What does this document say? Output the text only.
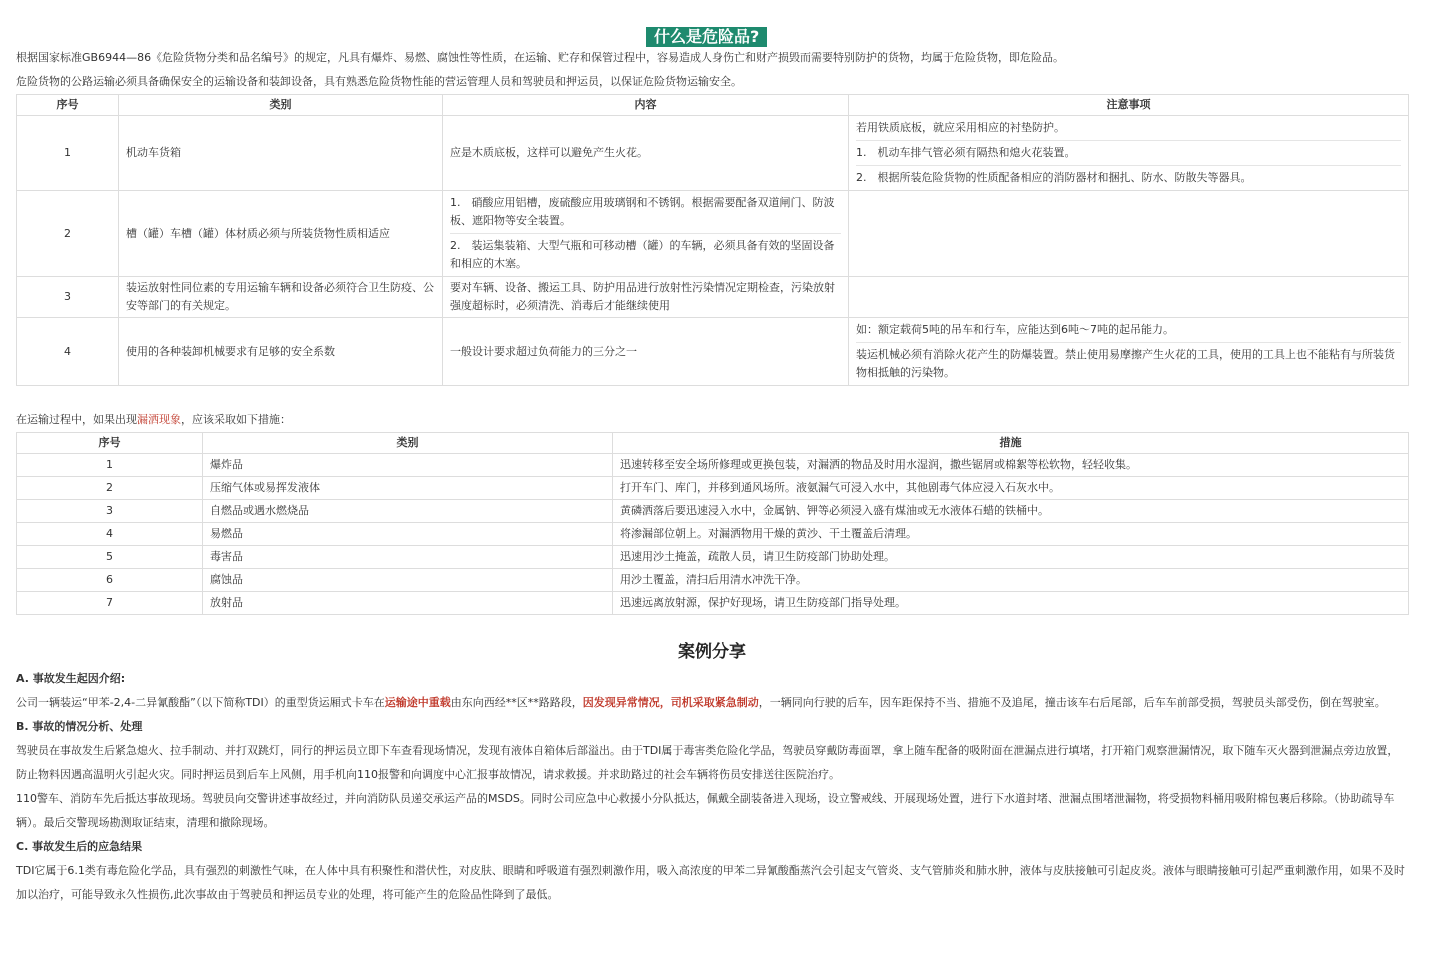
什么是危险品?

根据国家标准GB6944—86《危险货物分类和品名编号》的规定，凡具有爆炸、易燃、腐蚀性等性质，在运输、贮存和保管过程中，容易造成人身伤亡和财产损毁而需要特别防护的货物，均属于危险货物，即危险品。

危险货物的公路运输必须具备确保安全的运输设备和装卸设备，具有熟悉危险货物性能的营运管理人员和驾驶员和押运员，以保证危险货物运输安全。

序号	类别	内容	注意事项
1	机动车货箱	应是木质底板，这样可以避免产生火花。	若用铁质底板，就应采用相应的衬垫防护。
1.　机动车排气管必须有隔热和熄火花装置。
2.　根据所装危险货物的性质配备相应的消防器材和捆扎、防水、防散失等器具。

2	槽（罐）车槽（罐）体材质必须与所装货物性质相适应	1.　硝酸应用铝槽，废硫酸应用玻璃钢和不锈钢。根据需要配备双道闸门、防波板、遮阳物等安全装置。
2.　装运集装箱、大型气瓶和可移动槽（罐）的车辆，必须具备有效的坚固设备和相应的木塞。	

3	装运放射性同位素的专用运输车辆和设备必须符合卫生防疫、公安等部门的有关规定。	要对车辆、设备、搬运工具、防护用品进行放射性污染情况定期检查，污染放射强度超标时，必须清洗、消毒后才能继续使用	
4	使用的各种装卸机械要求有足够的安全系数	一般设计要求超过负荷能力的三分之一	如：额定载荷5吨的吊车和行车，应能达到6吨～7吨的起吊能力。
装运机械必须有消除火花产生的防爆装置。禁止使用易摩擦产生火花的工具，使用的工具上也不能粘有与所装货物相抵触的污染物。

在运输过程中，如果出现漏洒现象，应该采取如下措施：

序号	类别	措施
1	爆炸品	迅速转移至安全场所修理或更换包装，对漏洒的物品及时用水湿润，撒些锯屑或棉絮等松软物，轻轻收集。
2	压缩气体或易挥发液体	打开车门、库门，并移到通风场所。液氨漏气可浸入水中，其他剧毒气体应浸入石灰水中。
3	自燃品或遇水燃烧品	黄磷洒落后要迅速浸入水中，金属钠、钾等必须浸入盛有煤油或无水液体石蜡的铁桶中。
4	易燃品	将渗漏部位朝上。对漏洒物用干燥的黄沙、干土覆盖后清理。
5	毒害品	迅速用沙土掩盖，疏散人员，请卫生防疫部门协助处理。
6	腐蚀品	用沙土覆盖，清扫后用清水冲洗干净。
7	放射品	迅速远离放射源，保护好现场，请卫生防疫部门指导处理。
案例分享

A. 事故发生起因介绍:

公司一辆装运“甲苯-2,4-二异氰酸酯”（以下简称TDI）的重型货运厢式卡车在运输途中重载由东向西经**区**路路段，因发现异常情况，司机采取紧急制动，一辆同向行驶的后车，因车距保持不当、措施不及追尾，撞击该车右后尾部，后车车前部受损，驾驶员头部受伤，倒在驾驶室。

B. 事故的情况分析、处理

驾驶员在事故发生后紧急熄火、拉手制动、并打双跳灯，同行的押运员立即下车查看现场情况，发现有液体自箱体后部溢出。由于TDI属于毒害类危险化学品，驾驶员穿戴防毒面罩，拿上随车配备的吸附面在泄漏点进行填堵，打开箱门观察泄漏情况，取下随车灭火器到泄漏点旁边放置，防止物料因遇高温明火引起火灾。同时押运员到后车上风侧，用手机向110报警和向调度中心汇报事故情况，请求救援。并求助路过的社会车辆将伤员安排送往医院治疗。

110警车、消防车先后抵达事故现场。驾驶员向交警讲述事故经过，并向消防队员递交承运产品的MSDS。同时公司应急中心救援小分队抵达，佩戴全副装备进入现场，设立警戒线、开展现场处置，进行下水道封堵、泄漏点围堵泄漏物，将受损物料桶用吸附棉包裹后移除。（协助疏导车辆）。最后交警现场勘测取证结束，清理和撤除现场。

C. 事故发生后的应急结果

TDI它属于6.1类有毒危险化学品，具有强烈的刺激性气味，在人体中具有积聚性和潜伏性，对皮肤、眼睛和呼吸道有强烈刺激作用，吸入高浓度的甲苯二异氰酸酯蒸汽会引起支气管炎、支气管肺炎和肺水肿，液体与皮肤接触可引起皮炎。液体与眼睛接触可引起严重刺激作用，如果不及时加以治疗，可能导致永久性损伤,此次事故由于驾驶员和押运员专业的处理，将可能产生的危险品性降到了最低。
